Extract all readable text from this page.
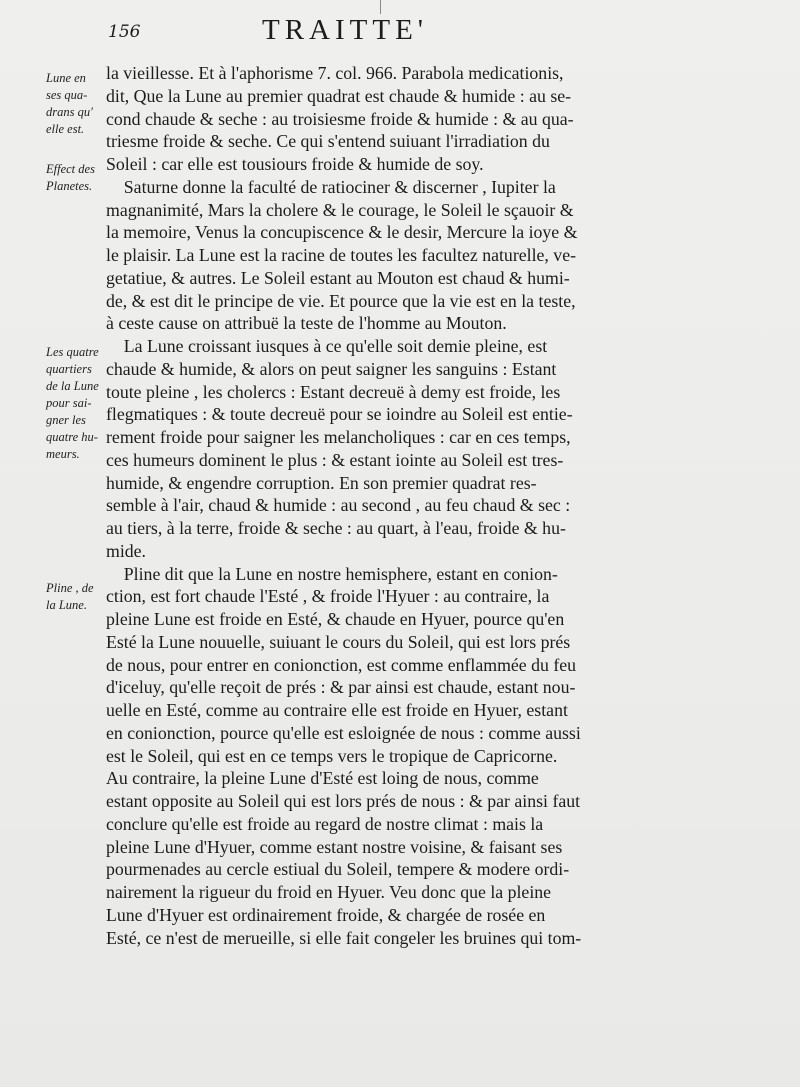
156	TRAITTE'
Lune en
ses qua-
drans qu'
elle est.
Effect des
Planetes.
Les quatre
quartiers
de la Lune
pour sai-
gner les
quatre hu-
meurs.
Pline , de
la Lune.
la vieillesse. Et à l'aphorisme 7. col. 966. Parabola medicationis,
dit, Que la Lune au premier quadrat est chaude & humide : au se-
cond chaude & seche : au troisiesme froide & humide : & au qua-
triesme froide & seche. Ce qui s'entend suiuant l'irradiation du
Soleil : car elle est tousiours froide & humide de soy.
Saturne donne la faculté de ratiociner & discerner , Iupiter la
magnanimité, Mars la cholere & le courage, le Soleil le sçauoir &
la memoire, Venus la concupiscence & le desir, Mercure la ioye &
le plaisir. La Lune est la racine de toutes les facultez naturelle, ve-
getatiue, & autres. Le Soleil estant au Mouton est chaud & humi-
de, & est dit le principe de vie. Et pource que la vie est en la teste,
à ceste cause on attribuë la teste de l'homme au Mouton.
La Lune croissant iusques à ce qu'elle soit demie pleine, est
chaude & humide, & alors on peut saigner les sanguins : Estant
toute pleine , les cholercs : Estant decreuë à demy est froide, les
flegmatiques : & toute decreuë pour se ioindre au Soleil est entie-
rement froide pour saigner les melancholiques : car en ces temps,
ces humeurs dominent le plus : & estant iointe au Soleil est tres-
humide, & engendre corruption. En son premier quadrat res-
semble à l'air, chaud & humide : au second , au feu chaud & sec :
au tiers, à la terre, froide & seche : au quart, à l'eau, froide & hu-
mide.
Pline dit que la Lune en nostre hemisphere, estant en conion-
ction, est fort chaude l'Esté , & froide l'Hyuer : au contraire, la
pleine Lune est froide en Esté, & chaude en Hyuer, pource qu'en
Esté la Lune nouuelle, suiuant le cours du Soleil, qui est lors prés
de nous, pour entrer en conionction, est comme enflammée du feu
d'iceluy, qu'elle reçoit de prés : & par ainsi est chaude, estant nou-
uelle en Esté, comme au contraire elle est froide en Hyuer, estant
en conionction, pource qu'elle est esloignée de nous : comme aussi
est le Soleil, qui est en ce temps vers le tropique de Capricorne.
Au contraire, la pleine Lune d'Esté est loing de nous, comme
estant opposite au Soleil qui est lors prés de nous : & par ainsi faut
conclure qu'elle est froide au regard de nostre climat : mais la
pleine Lune d'Hyuer, comme estant nostre voisine, & faisant ses
pourmenades au cercle estiual du Soleil, tempere & modere ordi-
nairement la rigueur du froid en Hyuer. Veu donc que la pleine
Lune d'Hyuer est ordinairement froide, & chargée de rosée en
Esté, ce n'est de merueille, si elle fait congeler les bruines qui tom-
